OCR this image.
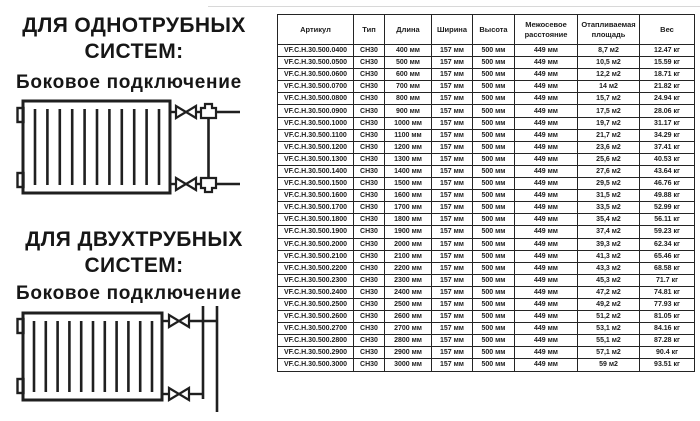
ДЛЯ ОДНОТРУБНЫХ
СИСТЕМ:
Боковое подключение
ДЛЯ ДВУХТРУБНЫХ
СИСТЕМ:
Боковое подключение
Артикул	Тип	Длина	Ширина	Высота	Межосевое расстояние	Отапливаемая площадь	Вес
VF.C.H.30.500.0400	CH30	400 мм	157 мм	500 мм	449 мм	8,7 м2	12.47 кг
VF.C.H.30.500.0500	CH30	500 мм	157 мм	500 мм	449 мм	10,5 м2	15.59 кг
VF.C.H.30.500.0600	CH30	600 мм	157 мм	500 мм	449 мм	12,2 м2	18.71 кг
VF.C.H.30.500.0700	CH30	700 мм	157 мм	500 мм	449 мм	14 м2	21.82 кг
VF.C.H.30.500.0800	CH30	800 мм	157 мм	500 мм	449 мм	15,7 м2	24.94 кг
VF.C.H.30.500.0900	CH30	900 мм	157 мм	500 мм	449 мм	17,5 м2	28.06 кг
VF.C.H.30.500.1000	CH30	1000 мм	157 мм	500 мм	449 мм	19,7 м2	31.17 кг
VF.C.H.30.500.1100	CH30	1100 мм	157 мм	500 мм	449 мм	21,7 м2	34.29 кг
VF.C.H.30.500.1200	CH30	1200 мм	157 мм	500 мм	449 мм	23,6 м2	37.41 кг
VF.C.H.30.500.1300	CH30	1300 мм	157 мм	500 мм	449 мм	25,6 м2	40.53 кг
VF.C.H.30.500.1400	CH30	1400 мм	157 мм	500 мм	449 мм	27,6 м2	43.64 кг
VF.C.H.30.500.1500	CH30	1500 мм	157 мм	500 мм	449 мм	29,5 м2	46.76 кг
VF.C.H.30.500.1600	CH30	1600 мм	157 мм	500 мм	449 мм	31,5 м2	49.88 кг
VF.C.H.30.500.1700	CH30	1700 мм	157 мм	500 мм	449 мм	33,5 м2	52.99 кг
VF.C.H.30.500.1800	CH30	1800 мм	157 мм	500 мм	449 мм	35,4 м2	56.11 кг
VF.C.H.30.500.1900	CH30	1900 мм	157 мм	500 мм	449 мм	37,4 м2	59.23 кг
VF.C.H.30.500.2000	CH30	2000 мм	157 мм	500 мм	449 мм	39,3 м2	62.34 кг
VF.C.H.30.500.2100	CH30	2100 мм	157 мм	500 мм	449 мм	41,3 м2	65.46 кг
VF.C.H.30.500.2200	CH30	2200 мм	157 мм	500 мм	449 мм	43,3 м2	68.58 кг
VF.C.H.30.500.2300	CH30	2300 мм	157 мм	500 мм	449 мм	45,3 м2	71.7 кг
VF.C.H.30.500.2400	CH30	2400 мм	157 мм	500 мм	449 мм	47,2 м2	74.81 кг
VF.C.H.30.500.2500	CH30	2500 мм	157 мм	500 мм	449 мм	49,2 м2	77.93 кг
VF.C.H.30.500.2600	CH30	2600 мм	157 мм	500 мм	449 мм	51,2 м2	81.05 кг
VF.C.H.30.500.2700	CH30	2700 мм	157 мм	500 мм	449 мм	53,1 м2	84.16 кг
VF.C.H.30.500.2800	CH30	2800 мм	157 мм	500 мм	449 мм	55,1 м2	87.28 кг
VF.C.H.30.500.2900	CH30	2900 мм	157 мм	500 мм	449 мм	57,1 м2	90.4 кг
VF.C.H.30.500.3000	CH30	3000 мм	157 мм	500 мм	449 мм	59 м2	93.51 кг
